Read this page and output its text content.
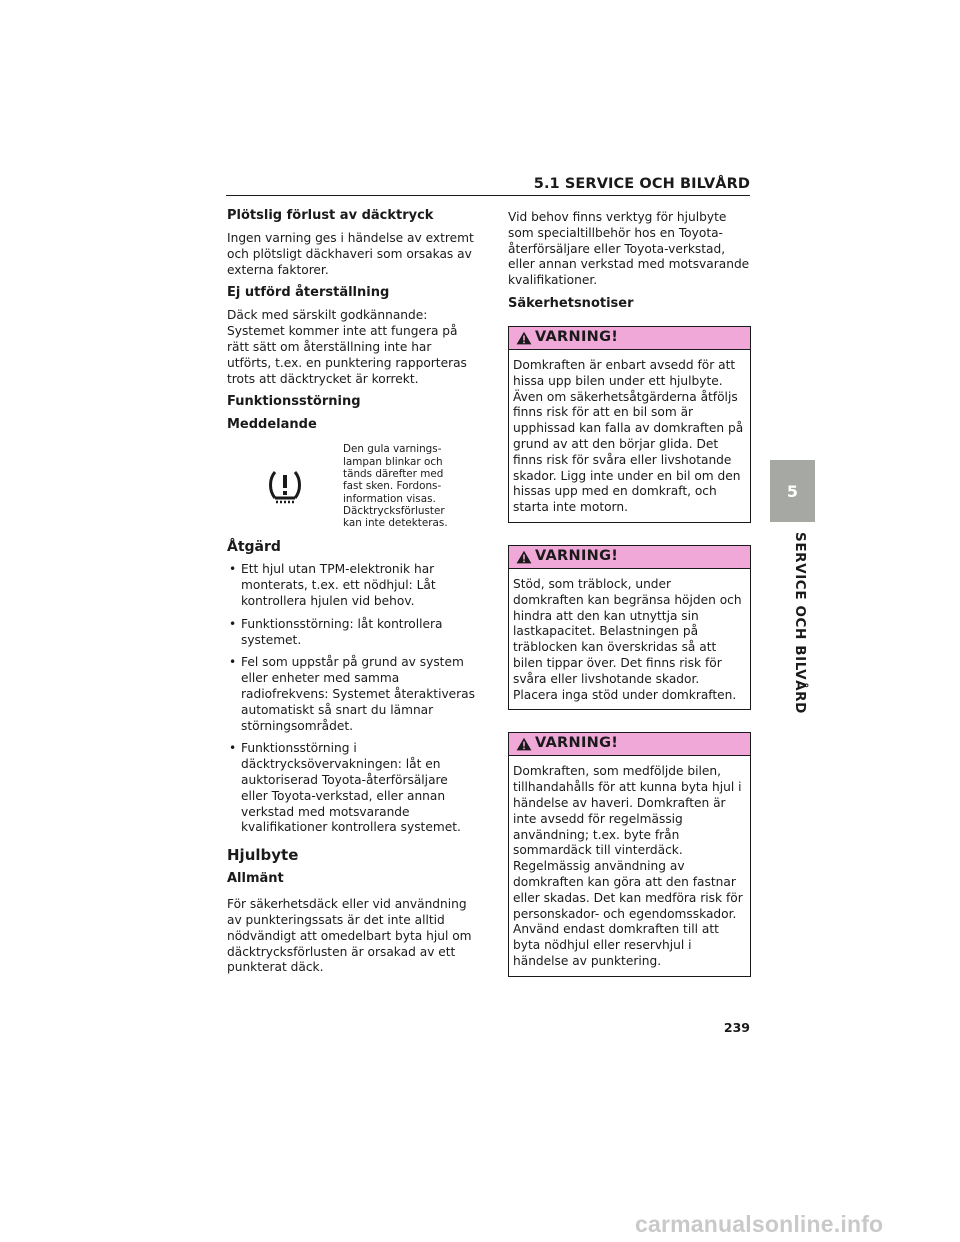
5.1 SERVICE OCH BILVÅRD
Plötslig förlust av däcktryck

Ingen varning ges i händelse av extremt och plötsligt däckhaveri som orsakas av externa faktorer.

Ej utförd återställning

Däck med särskilt godkännande: Systemet kommer inte att fungera på rätt sätt om återställning inte har utförts, t.ex. en punktering rapporteras trots att däcktrycket är korrekt.

Funktionsstörning
Meddelande
Den gula varnings-lampan blinkar och tänds därefter med fast sken. Fordons-information visas. Däcktrycksförluster kan inte detekteras.
Åtgärd
• Ett hjul utan TPM-elektronik har monterats, t.ex. ett nödhjul: Låt kontrollera hjulen vid behov.
• Funktionsstörning: låt kontrollera systemet.
• Fel som uppstår på grund av system eller enheter med samma radiofrekvens: Systemet återaktiveras automatiskt så snart du lämnar störningsområdet.
• Funktionsstörning i däcktrycksövervakningen: låt en auktoriserad Toyota-återförsäljare eller Toyota-verkstad, eller annan verkstad med motsvarande kvalifikationer kontrollera systemet.
Hjulbyte
Allmänt

För säkerhetsdäck eller vid användning av punkteringssats är det inte alltid nödvändigt att omedelbart byta hjul om däcktrycksförlusten är orsakad av ett punkterat däck.

Vid behov finns verktyg för hjulbyte som specialtillbehör hos en Toyota-återförsäljare eller Toyota-verkstad, eller annan verkstad med motsvarande kvalifikationer.

Säkerhetsnotiser
VARNING!
Domkraften är enbart avsedd för att hissa upp bilen under ett hjulbyte. Även om säkerhetsåtgärderna åtföljs finns risk för att en bil som är upphissad kan falla av domkraften på grund av att den börjar glida. Det finns risk för svåra eller livshotande skador. Ligg inte under en bil om den hissas upp med en domkraft, och starta inte motorn.
VARNING!
Stöd, som träblock, under domkraften kan begränsa höjden och hindra att den kan utnyttja sin lastkapacitet. Belastningen på träblocken kan överskridas så att bilen tippar över. Det finns risk för svåra eller livshotande skador. Placera inga stöd under domkraften.
VARNING!
Domkraften, som medföljde bilen, tillhandahålls för att kunna byta hjul i händelse av haveri. Domkraften är inte avsedd för regelmässig användning; t.ex. byte från sommardäck till vinterdäck. Regelmässig användning av domkraften kan göra att den fastnar eller skadas. Det kan medföra risk för personskador- och egendomsskador. Använd endast domkraften till att byta nödhjul eller reservhjul i händelse av punktering.
5
SERVICE OCH BILVÅRD
239
carmanualsonline.info
